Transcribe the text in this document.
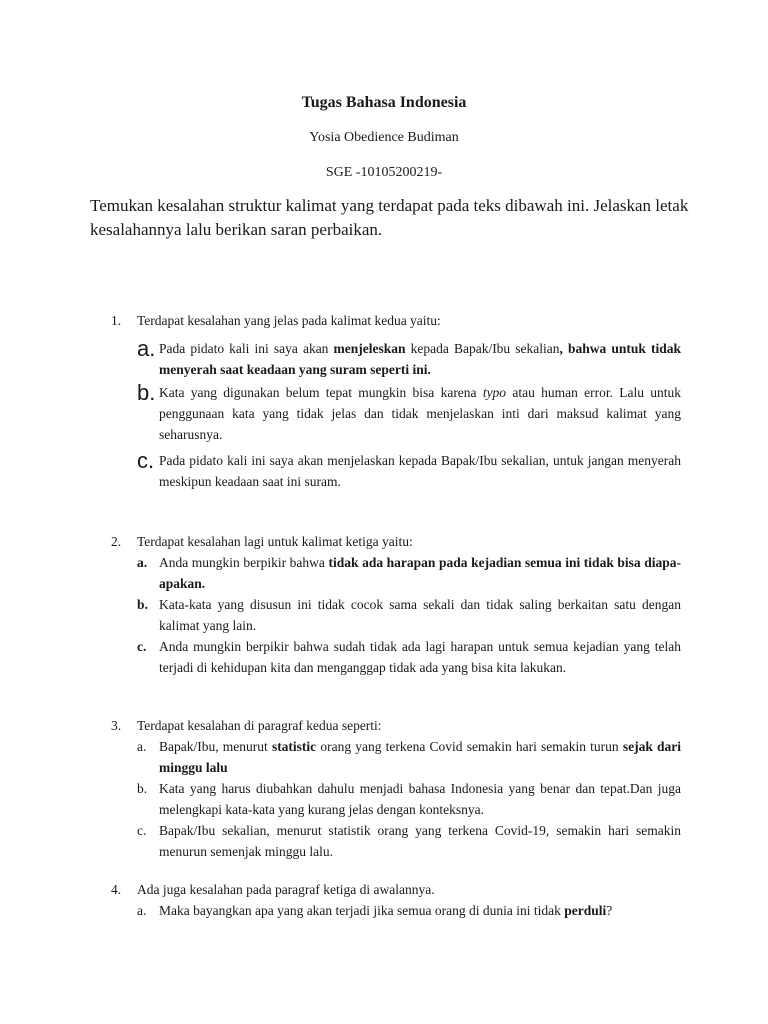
Tugas Bahasa Indonesia
Yosia Obedience Budiman
SGE -10105200219-
Temukan kesalahan struktur kalimat yang terdapat pada teks dibawah ini. Jelaskan letak kesalahannya lalu berikan saran perbaikan.
1.	Terdapat kesalahan yang jelas pada kalimat kedua yaitu:
a. Pada pidato kali ini saya akan menjeleskan kepada Bapak/Ibu sekalian, bahwa untuk tidak menyerah saat keadaan yang suram seperti ini.
b. Kata yang digunakan belum tepat mungkin bisa karena typo atau human error. Lalu untuk penggunaan kata yang tidak jelas dan tidak menjelaskan inti dari maksud kalimat yang seharusnya.
c. Pada pidato kali ini saya akan menjelaskan kepada Bapak/Ibu sekalian, untuk jangan menyerah meskipun keadaan saat ini suram.
2.	Terdapat kesalahan lagi untuk kalimat ketiga yaitu:
a. Anda mungkin berpikir bahwa tidak ada harapan pada kejadian semua ini tidak bisa diapa-apakan.
b. Kata-kata yang disusun ini tidak cocok sama sekali dan tidak saling berkaitan satu dengan kalimat yang lain.
c. Anda mungkin berpikir bahwa sudah tidak ada lagi harapan untuk semua kejadian yang telah terjadi di kehidupan kita dan menganggap tidak ada yang bisa kita lakukan.
3.	Terdapat kesalahan di paragraf kedua seperti:
a. Bapak/Ibu, menurut statistic orang yang terkena Covid semakin hari semakin turun sejak dari minggu lalu
b. Kata yang harus diubahkan dahulu menjadi bahasa Indonesia yang benar dan tepat.Dan juga melengkapi kata-kata yang kurang jelas dengan konteksnya.
c. Bapak/Ibu sekalian, menurut statistik orang yang terkena Covid-19, semakin hari semakin menurun semenjak minggu lalu.
4.	Ada juga kesalahan pada paragraf ketiga di awalannya.
a. Maka bayangkan apa yang akan terjadi jika semua orang di dunia ini tidak perduli?
